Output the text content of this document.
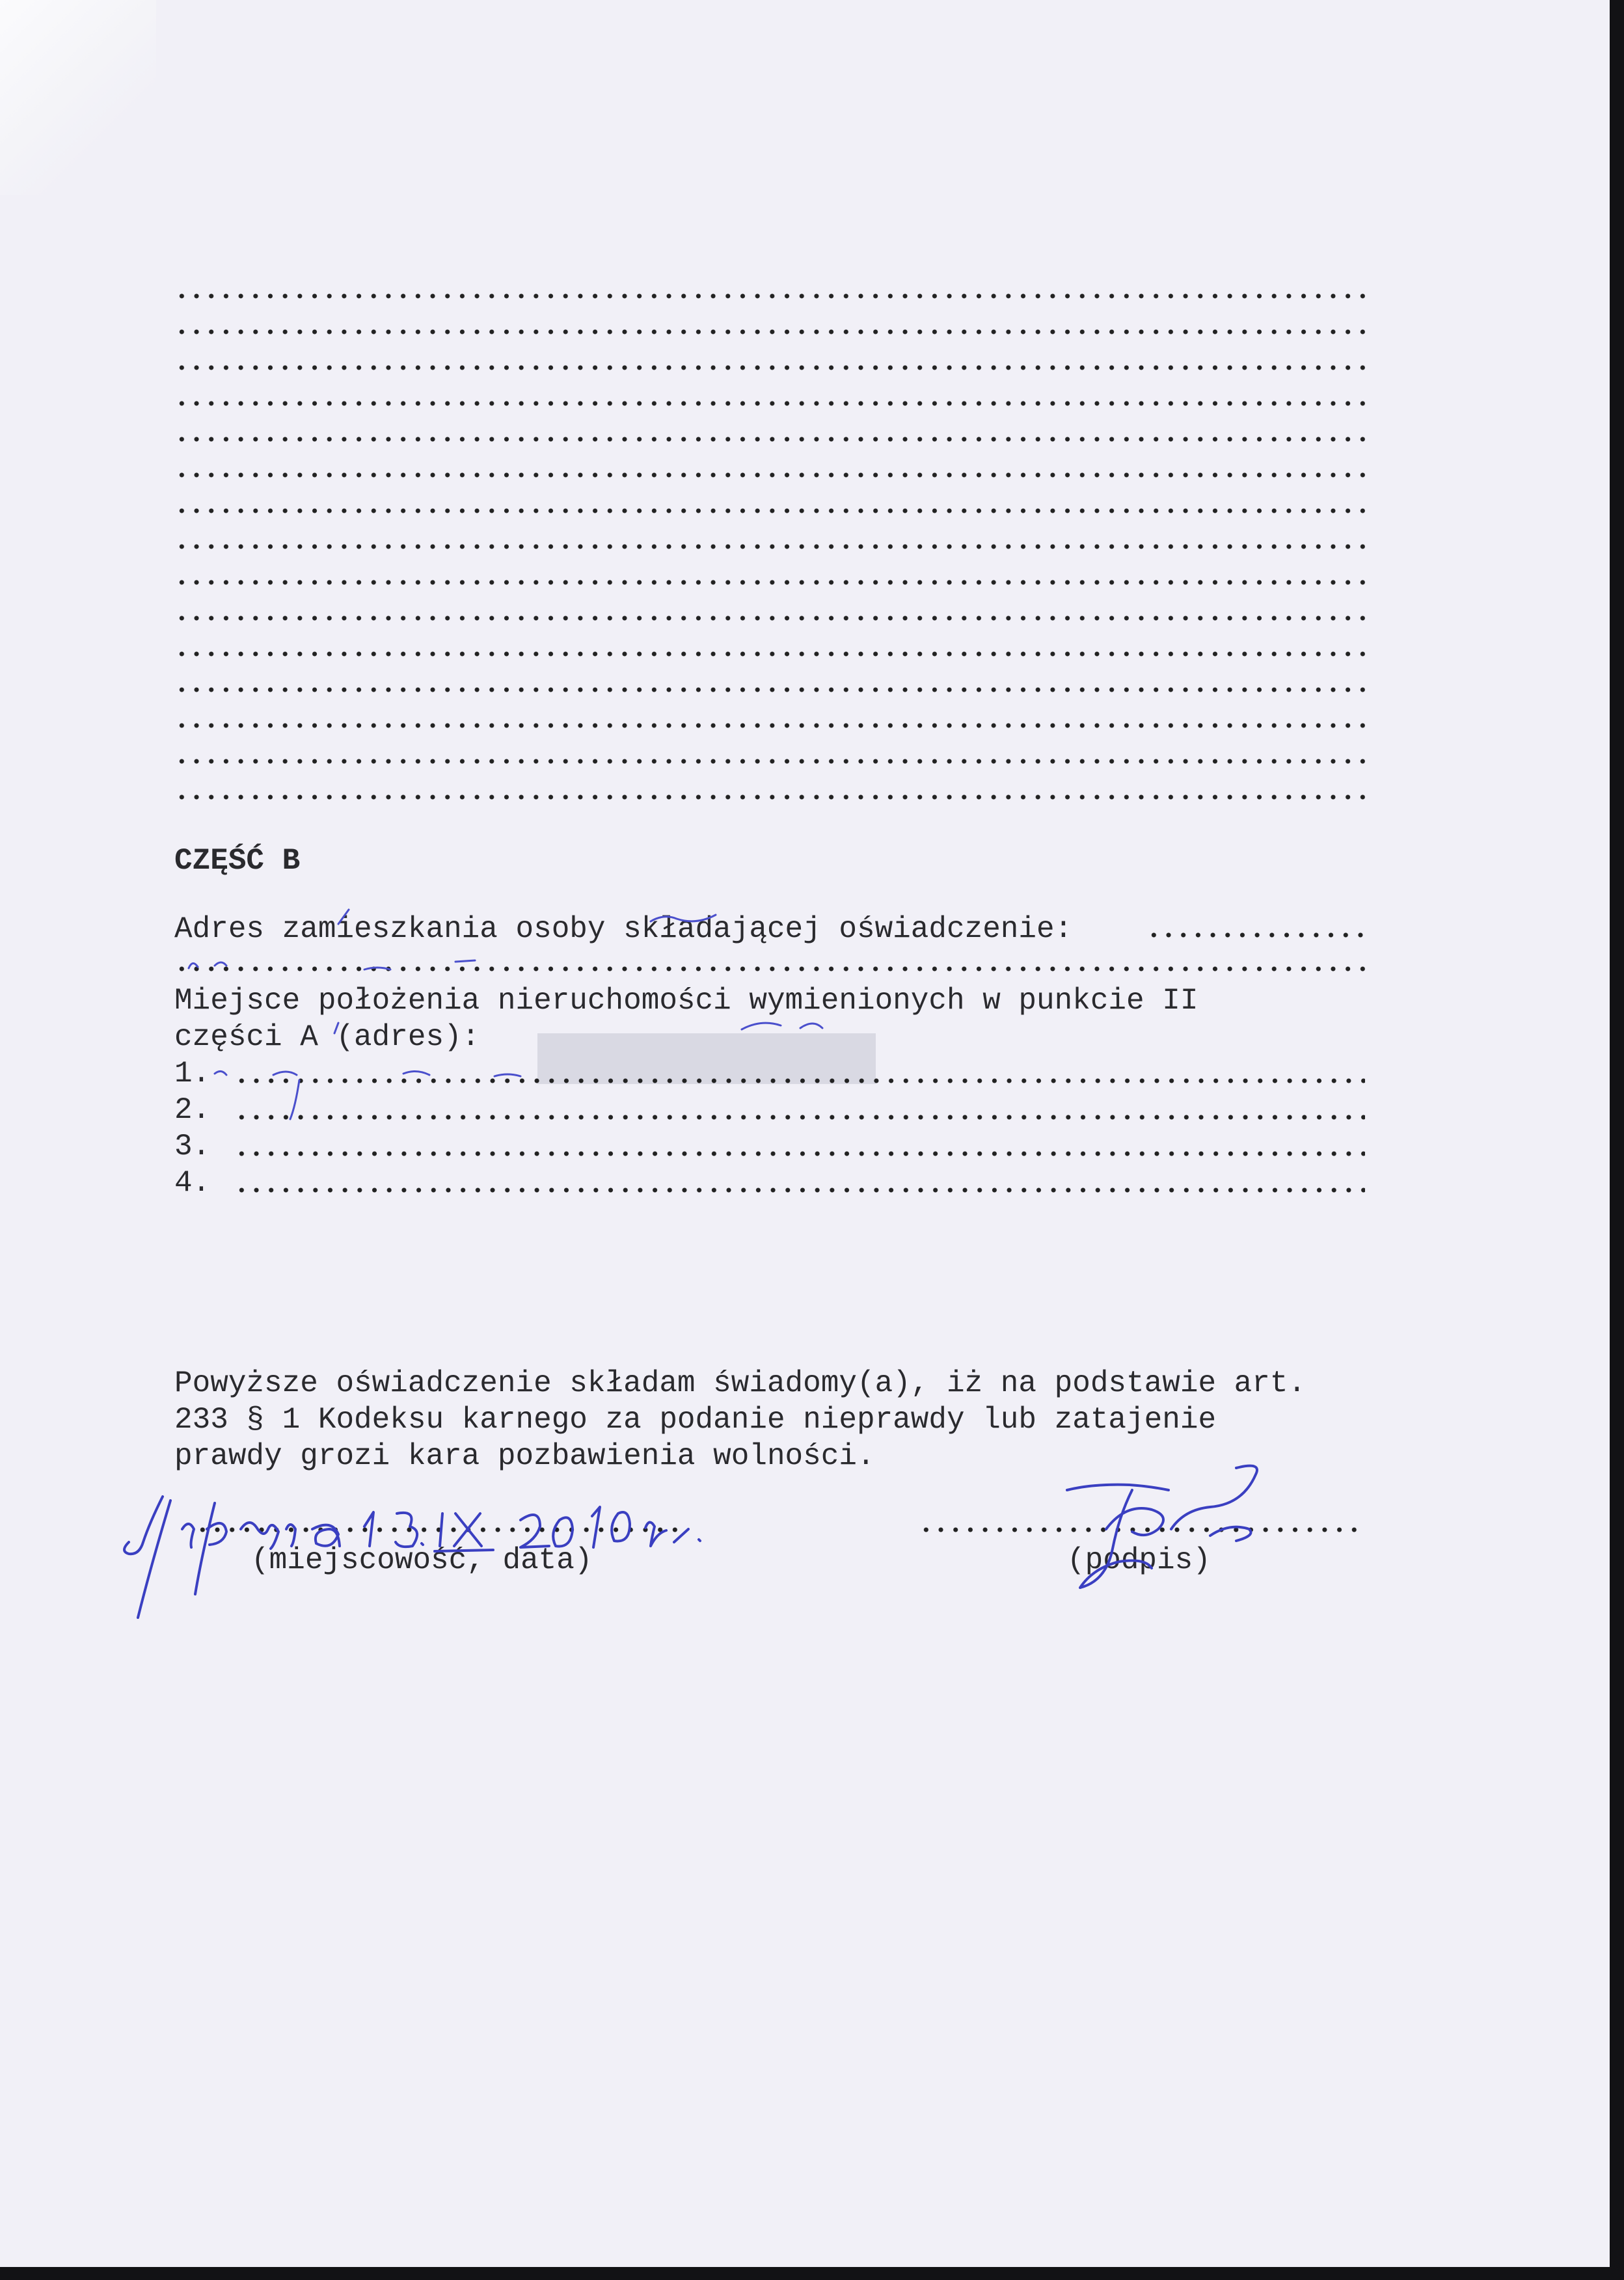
CZĘŚĆ B
Adres zamieszkania osoby składającej oświadczenie:
Miejsce położenia nieruchomości wymienionych w punkcie II
części A (adres):
1.
2.
3.
4.
Powyższe oświadczenie składam świadomy(a), iż na podstawie art.
233 § 1 Kodeksu karnego za podanie nieprawdy lub zatajenie
prawdy grozi kara pozbawienia wolności.
(miejscowość, data)	(podpis)
